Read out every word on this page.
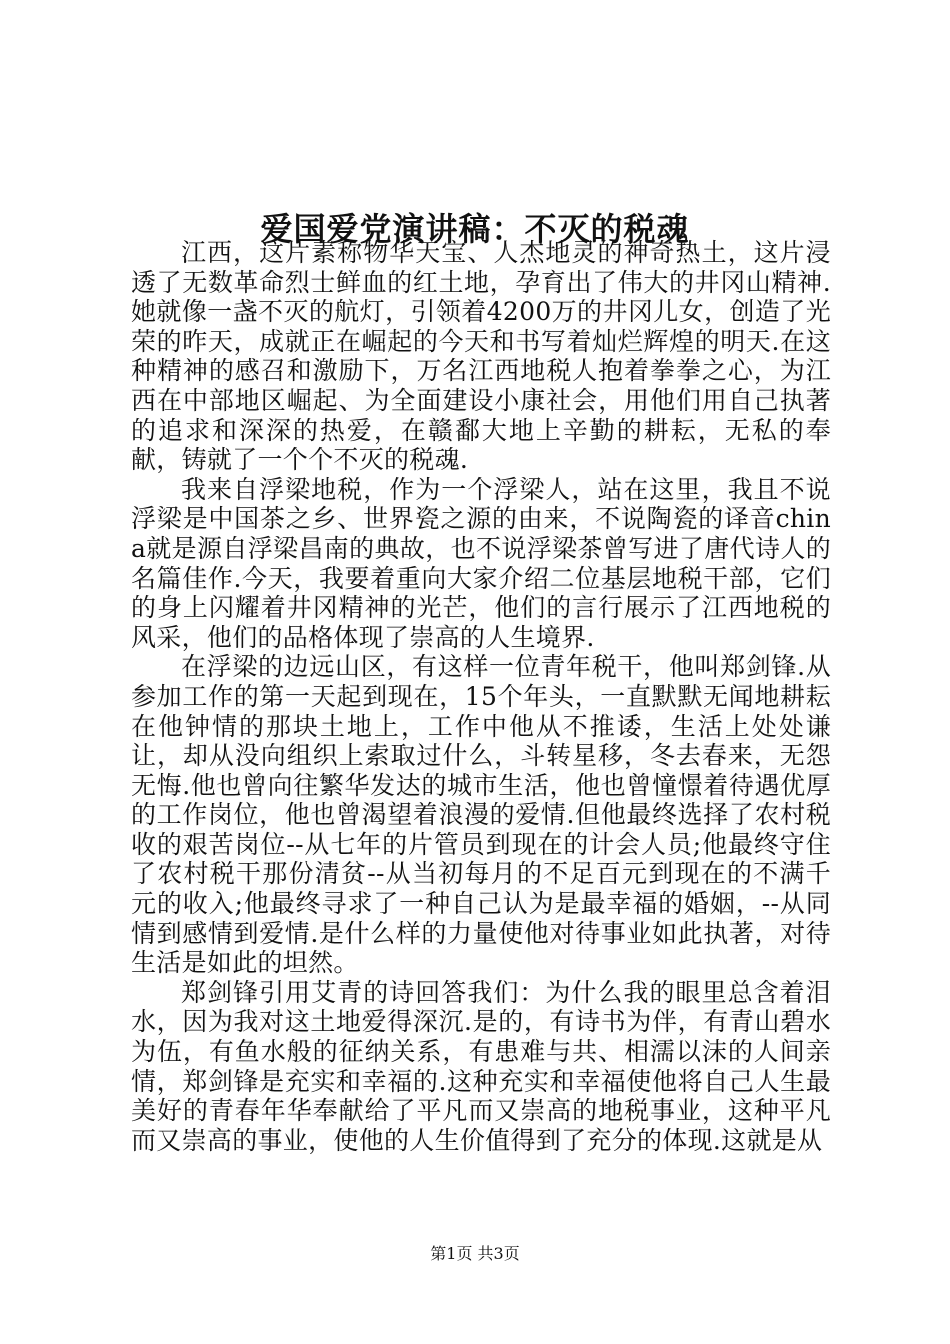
爱国爱党演讲稿：不灭的税魂

江西，这片素称物华天宝、人杰地灵的神奇热土，这片浸透了无数革命烈士鲜血的红土地，孕育出了伟大的井冈山精神.她就像一盏不灭的航灯，引领着4200万的井冈儿女，创造了光荣的昨天，成就正在崛起的今天和书写着灿烂辉煌的明天.在这种精神的感召和激励下，万名江西地税人抱着拳拳之心，为江西在中部地区崛起、为全面建设小康社会，用他们用自己执著的追求和深深的热爱，在赣鄱大地上辛勤的耕耘，无私的奉献，铸就了一个个不灭的税魂.

我来自浮梁地税，作为一个浮梁人，站在这里，我且不说浮梁是中国茶之乡、世界瓷之源的由来，不说陶瓷的译音china就是源自浮梁昌南的典故，也不说浮梁茶曾写进了唐代诗人的名篇佳作.今天，我要着重向大家介绍二位基层地税干部，它们的身上闪耀着井冈精神的光芒，他们的言行展示了江西地税的风采，他们的品格体现了崇高的人生境界.

在浮梁的边远山区，有这样一位青年税干，他叫郑剑锋.从参加工作的第一天起到现在，15个年头，一直默默无闻地耕耘在他钟情的那块土地上，工作中他从不推诿，生活上处处谦让，却从没向组织上索取过什么，斗转星移，冬去春来，无怨无悔.他也曾向往繁华发达的城市生活，他也曾憧憬着待遇优厚的工作岗位，他也曾渴望着浪漫的爱情.但他最终选择了农村税收的艰苦岗位--从七年的片管员到现在的计会人员;他最终守住了农村税干那份清贫--从当初每月的不足百元到现在的不满千元的收入;他最终寻求了一种自己认为是最幸福的婚姻，--从同情到感情到爱情.是什么样的力量使他对待事业如此执著，对待生活是如此的坦然。

郑剑锋引用艾青的诗回答我们：为什么我的眼里总含着泪水，因为我对这土地爱得深沉.是的，有诗书为伴，有青山碧水为伍，有鱼水般的征纳关系，有患难与共、相濡以沫的人间亲情，郑剑锋是充实和幸福的.这种充实和幸福使他将自己人生最美好的青春年华奉献给了平凡而又崇高的地税事业，这种平凡而又崇高的事业，使他的人生价值得到了充分的体现.这就是从

第1页 共3页
